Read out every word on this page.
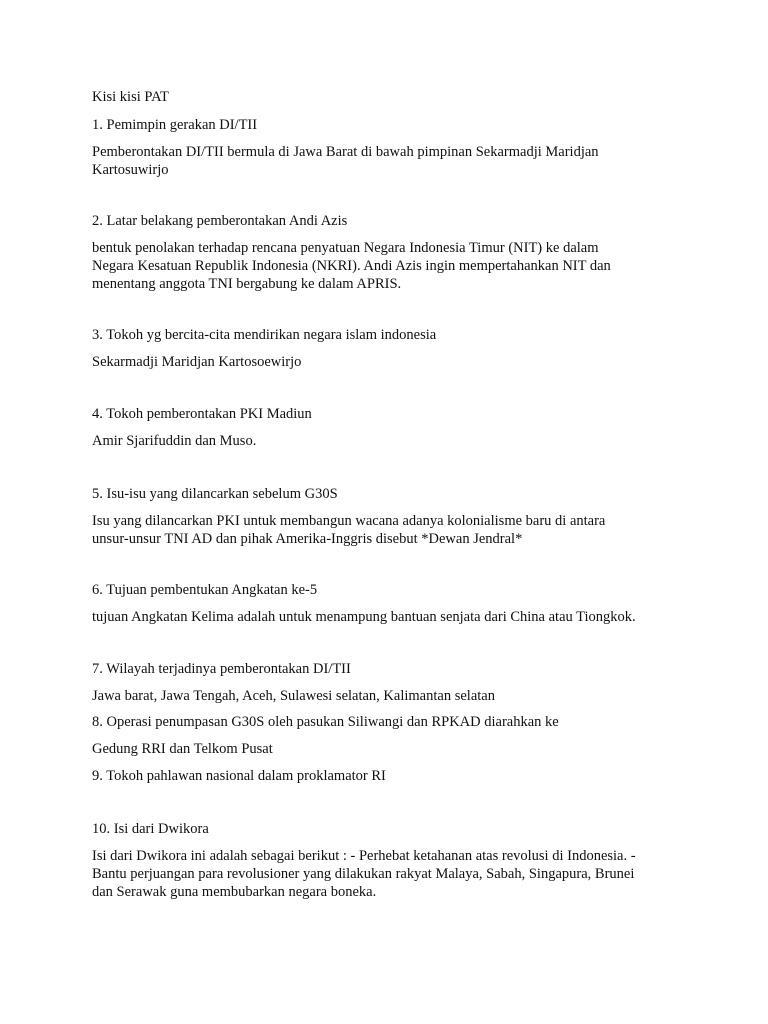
Kisi kisi PAT
1. Pemimpin gerakan DI/TII
Pemberontakan DI/TII bermula di Jawa Barat di bawah pimpinan Sekarmadji Maridjan
Kartosuwirjo
2. Latar belakang pemberontakan Andi Azis
bentuk penolakan terhadap rencana penyatuan Negara Indonesia Timur (NIT) ke dalam
Negara Kesatuan Republik Indonesia (NKRI). Andi Azis ingin mempertahankan NIT dan
menentang anggota TNI bergabung ke dalam APRIS.
3. Tokoh yg bercita-cita mendirikan negara islam indonesia
Sekarmadji Maridjan Kartosoewirjo
4. Tokoh pemberontakan PKI Madiun
Amir Sjarifuddin dan Muso.
5. Isu-isu yang dilancarkan sebelum G30S
Isu yang dilancarkan PKI untuk membangun wacana adanya kolonialisme baru di antara
unsur-unsur TNI AD dan pihak Amerika-Inggris disebut *Dewan Jendral*
6. Tujuan pembentukan Angkatan ke-5
tujuan Angkatan Kelima adalah untuk menampung bantuan senjata dari China atau Tiongkok.
7. Wilayah terjadinya pemberontakan DI/TII
Jawa barat, Jawa Tengah, Aceh, Sulawesi selatan, Kalimantan selatan
8. Operasi penumpasan G30S oleh pasukan Siliwangi dan RPKAD diarahkan ke
Gedung RRI dan Telkom Pusat
9. Tokoh pahlawan nasional dalam proklamator RI
10. Isi dari Dwikora
Isi dari Dwikora ini adalah sebagai berikut : - Perhebat ketahanan atas revolusi di Indonesia. -
Bantu perjuangan para revolusioner yang dilakukan rakyat Malaya, Sabah, Singapura, Brunei
dan Serawak guna membubarkan negara boneka.
